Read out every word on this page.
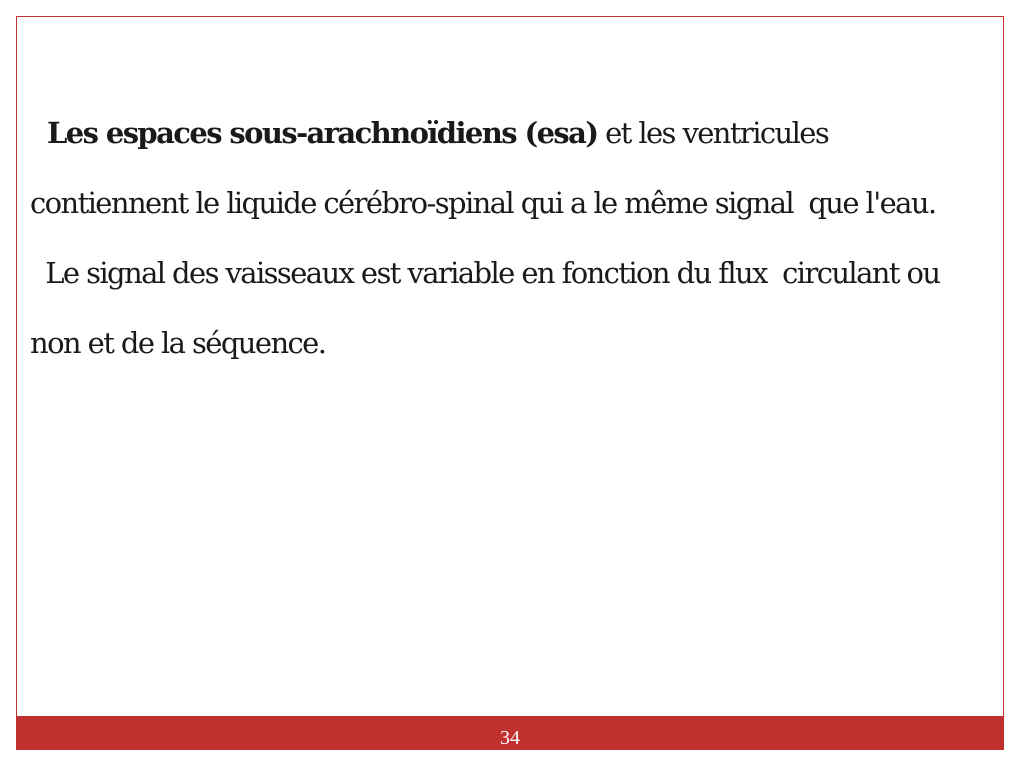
Les espaces sous-arachnoïdiens (esa) et les ventricules
contiennent le liquide cérébro-spinal qui a le même signal  que l'eau.
Le signal des vaisseaux est variable en fonction du flux  circulant ou
non et de la séquence.
34
